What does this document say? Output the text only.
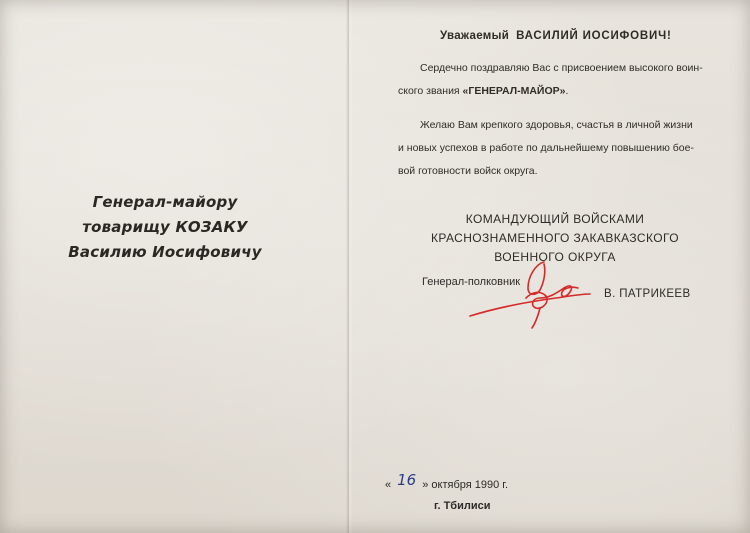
Генерал-майору
товарищу КОЗАКУ
Василию Иосифовичу
Уважаемый ВАСИЛИЙ ИОСИФОВИЧ!
Сердечно поздравляю Вас с присвоением высокого воин-
ского звания «ГЕНЕРАЛ-МАЙОР».
Желаю Вам крепкого здоровья, счастья в личной жизни
и новых успехов в работе по дальнейшему повышению бое-
вой готовности войск округа.
КОМАНДУЮЩИЙ ВОЙСКАМИ
КРАСНОЗНАМЕННОГО ЗАКАВКАЗСКОГО
ВОЕННОГО ОКРУГА
Генерал-полковник
В. ПАТРИКЕЕВ
« 16 » октября 1990 г.
г. Тбилиси
